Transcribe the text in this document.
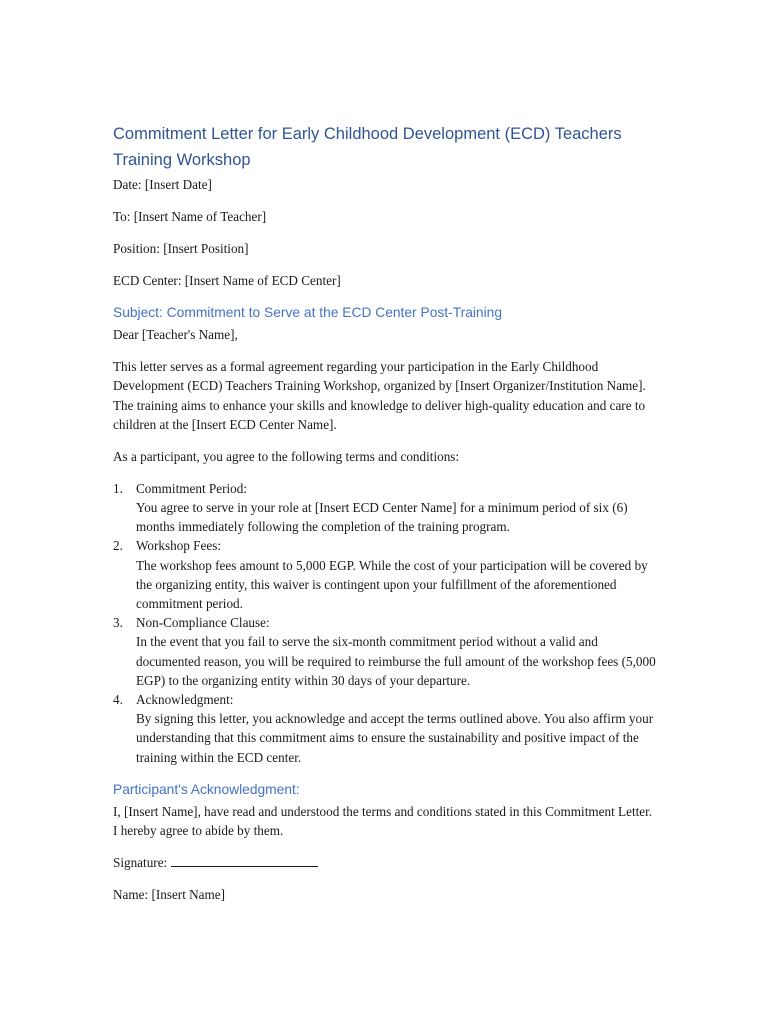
Commitment Letter for Early Childhood Development (ECD) Teachers Training Workshop

Date: [Insert Date]

To: [Insert Name of Teacher]

Position: [Insert Position]

ECD Center: [Insert Name of ECD Center]

Subject: Commitment to Serve at the ECD Center Post-Training

Dear [Teacher's Name],

This letter serves as a formal agreement regarding your participation in the Early Childhood Development (ECD) Teachers Training Workshop, organized by [Insert Organizer/Institution Name]. The training aims to enhance your skills and knowledge to deliver high-quality education and care to children at the [Insert ECD Center Name].

As a participant, you agree to the following terms and conditions:

1. Commitment Period:
You agree to serve in your role at [Insert ECD Center Name] for a minimum period of six (6) months immediately following the completion of the training program.
2. Workshop Fees:
The workshop fees amount to 5,000 EGP. While the cost of your participation will be covered by the organizing entity, this waiver is contingent upon your fulfillment of the aforementioned commitment period.
3. Non-Compliance Clause:
In the event that you fail to serve the six-month commitment period without a valid and documented reason, you will be required to reimburse the full amount of the workshop fees (5,000 EGP) to the organizing entity within 30 days of your departure.
4. Acknowledgment:
By signing this letter, you acknowledge and accept the terms outlined above. You also affirm your understanding that this commitment aims to ensure the sustainability and positive impact of the training within the ECD center.
Participant's Acknowledgment:

I, [Insert Name], have read and understood the terms and conditions stated in this Commitment Letter. I hereby agree to abide by them.

Signature:

Name: [Insert Name]
